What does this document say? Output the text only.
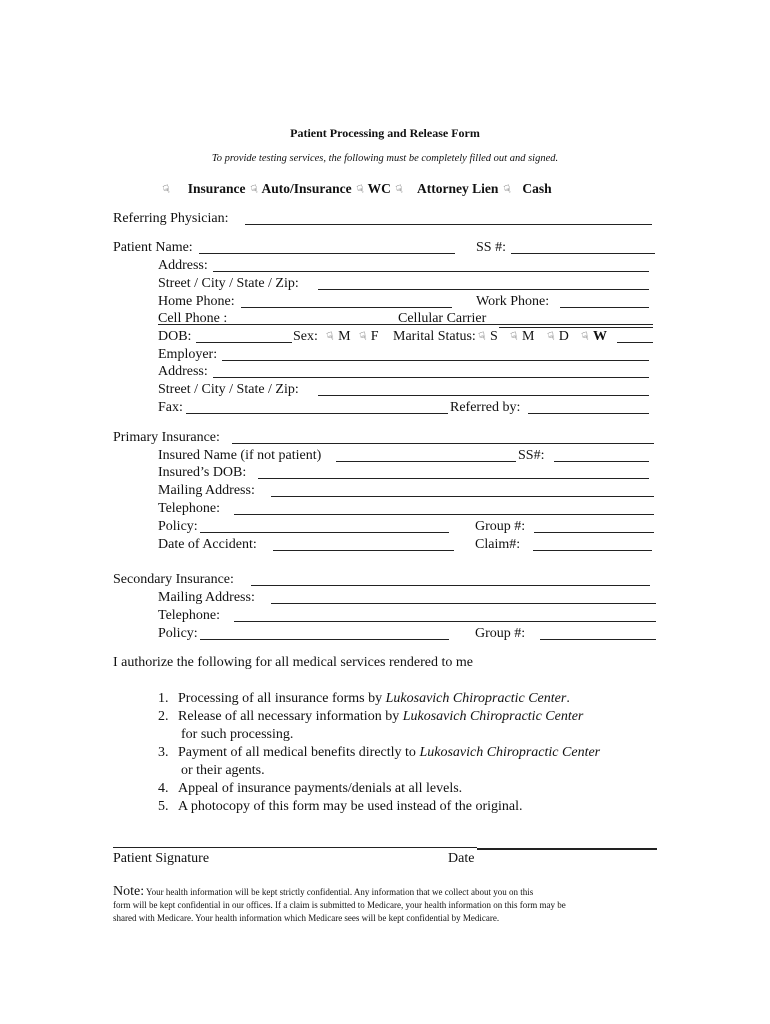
Patient Processing and Release Form
To provide testing services, the following must be completely filled out and signed.
☟ Insurance ☟ Auto/Insurance ☟ WC ☟ Attorney Lien ☟ Cash
Referring Physician:
Patient Name:	SS #:
Address:
Street / City / State / Zip:
Home Phone:	Work Phone:
Cell Phone :	Cellular Carrier
DOB:	Sex: ☟ M ☟ F Marital Status: ☟ S ☟ M ☟ D ☟ W
Employer:
Address:
Street / City / State / Zip:
Fax:	Referred by:
Primary Insurance:
Insured Name (if not patient)	SS#:
Insured’s DOB:
Mailing Address:
Telephone:
Policy:	Group #:
Date of Accident:	Claim#:
Secondary Insurance:
Mailing Address:
Telephone:
Policy:	Group #:
I authorize the following for all medical services rendered to me
1. Processing of all insurance forms by Lukosavich Chiropractic Center.
2. Release of all necessary information by Lukosavich Chiropractic Center
for such processing.
3. Payment of all medical benefits directly to Lukosavich Chiropractic Center
or their agents.
4. Appeal of insurance payments/denials at all levels.
5. A photocopy of this form may be used instead of the original.
Patient Signature	Date
Note: Your health information will be kept strictly confidential. Any information that we collect about you on this
form will be kept confidential in our offices. If a claim is submitted to Medicare, your health information on this form may be
shared with Medicare. Your health information which Medicare sees will be kept confidential by Medicare.
